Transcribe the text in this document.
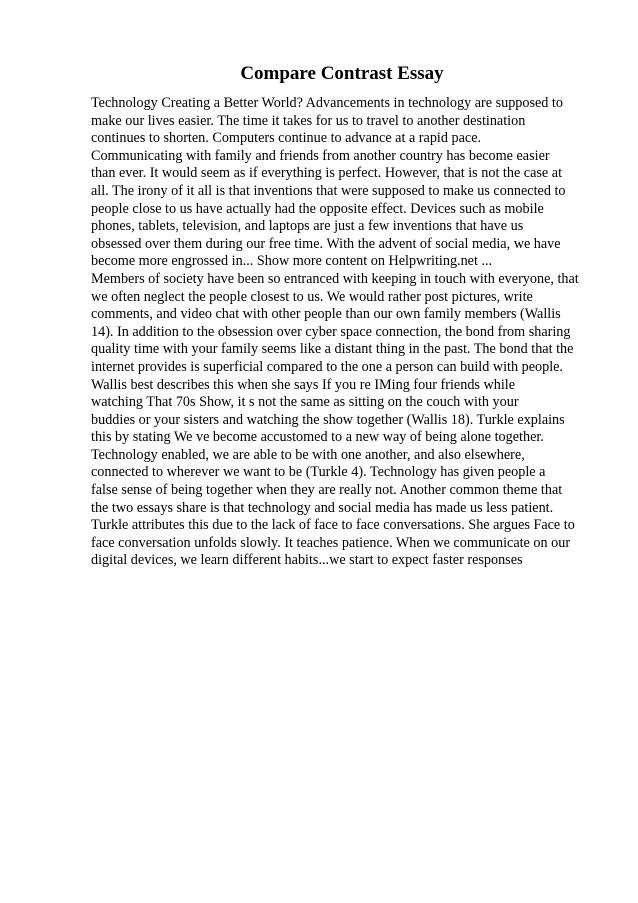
Compare Contrast Essay
Technology Creating a Better World? Advancements in technology are supposed to
make our lives easier. The time it takes for us to travel to another destination
continues to shorten. Computers continue to advance at a rapid pace.
Communicating with family and friends from another country has become easier
than ever. It would seem as if everything is perfect. However, that is not the case at
all. The irony of it all is that inventions that were supposed to make us connected to
people close to us have actually had the opposite effect. Devices such as mobile
phones, tablets, television, and laptops are just a few inventions that have us
obsessed over them during our free time. With the advent of social media, we have
become more engrossed in... Show more content on Helpwriting.net ...
Members of society have been so entranced with keeping in touch with everyone, that
we often neglect the people closest to us. We would rather post pictures, write
comments, and video chat with other people than our own family members (Wallis
14). In addition to the obsession over cyber space connection, the bond from sharing
quality time with your family seems like a distant thing in the past. The bond that the
internet provides is superficial compared to the one a person can build with people.
Wallis best describes this when she says If you re IMing four friends while
watching That 70s Show, it s not the same as sitting on the couch with your
buddies or your sisters and watching the show together (Wallis 18). Turkle explains
this by stating We ve become accustomed to a new way of being alone together.
Technology enabled, we are able to be with one another, and also elsewhere,
connected to wherever we want to be (Turkle 4). Technology has given people a
false sense of being together when they are really not. Another common theme that
the two essays share is that technology and social media has made us less patient.
Turkle attributes this due to the lack of face to face conversations. She argues Face to
face conversation unfolds slowly. It teaches patience. When we communicate on our
digital devices, we learn different habits...we start to expect faster responses
